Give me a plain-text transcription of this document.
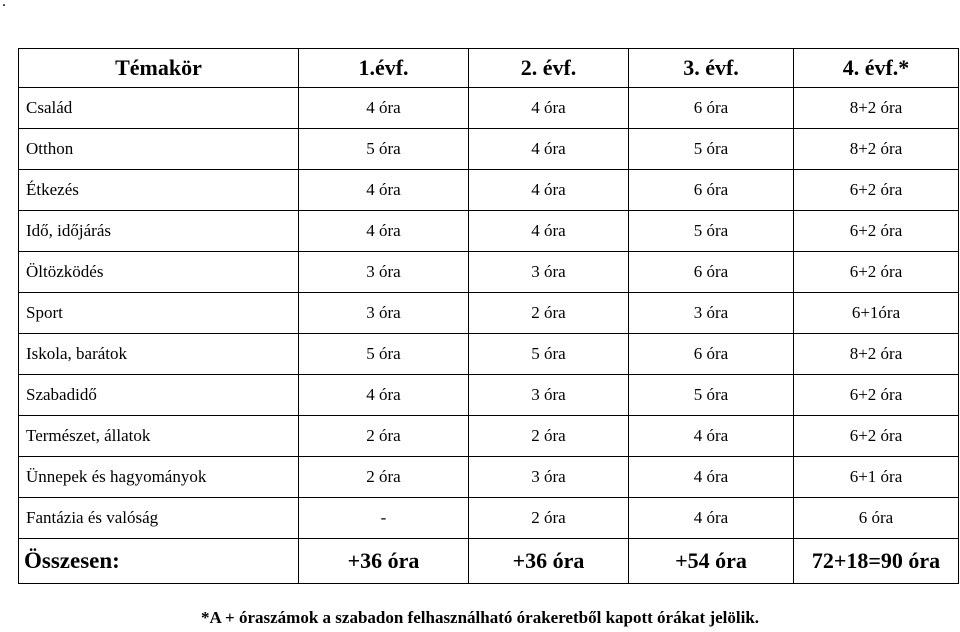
.
Témakör	1.évf.	2. évf.	3. évf.	4. évf.*
Család	4 óra	4 óra	6 óra	8+2 óra
Otthon	5 óra	4 óra	5 óra	8+2 óra
Étkezés	4 óra	4 óra	6 óra	6+2 óra
Idő, időjárás	4 óra	4 óra	5 óra	6+2 óra
Öltözködés	3 óra	3 óra	6 óra	6+2 óra
Sport	3 óra	2 óra	3 óra	6+1óra
Iskola, barátok	5 óra	5 óra	6 óra	8+2 óra
Szabadidő	4 óra	3 óra	5 óra	6+2 óra
Természet, állatok	2 óra	2 óra	4 óra	6+2 óra
Ünnepek és hagyományok	2 óra	3 óra	4 óra	6+1 óra
Fantázia és valóság	-	2 óra	4 óra	6 óra
Összesen:	+36 óra	+36 óra	+54 óra	72+18=90 óra
*A + óraszámok a szabadon felhasználható órakeretből kapott órákat jelölik.
